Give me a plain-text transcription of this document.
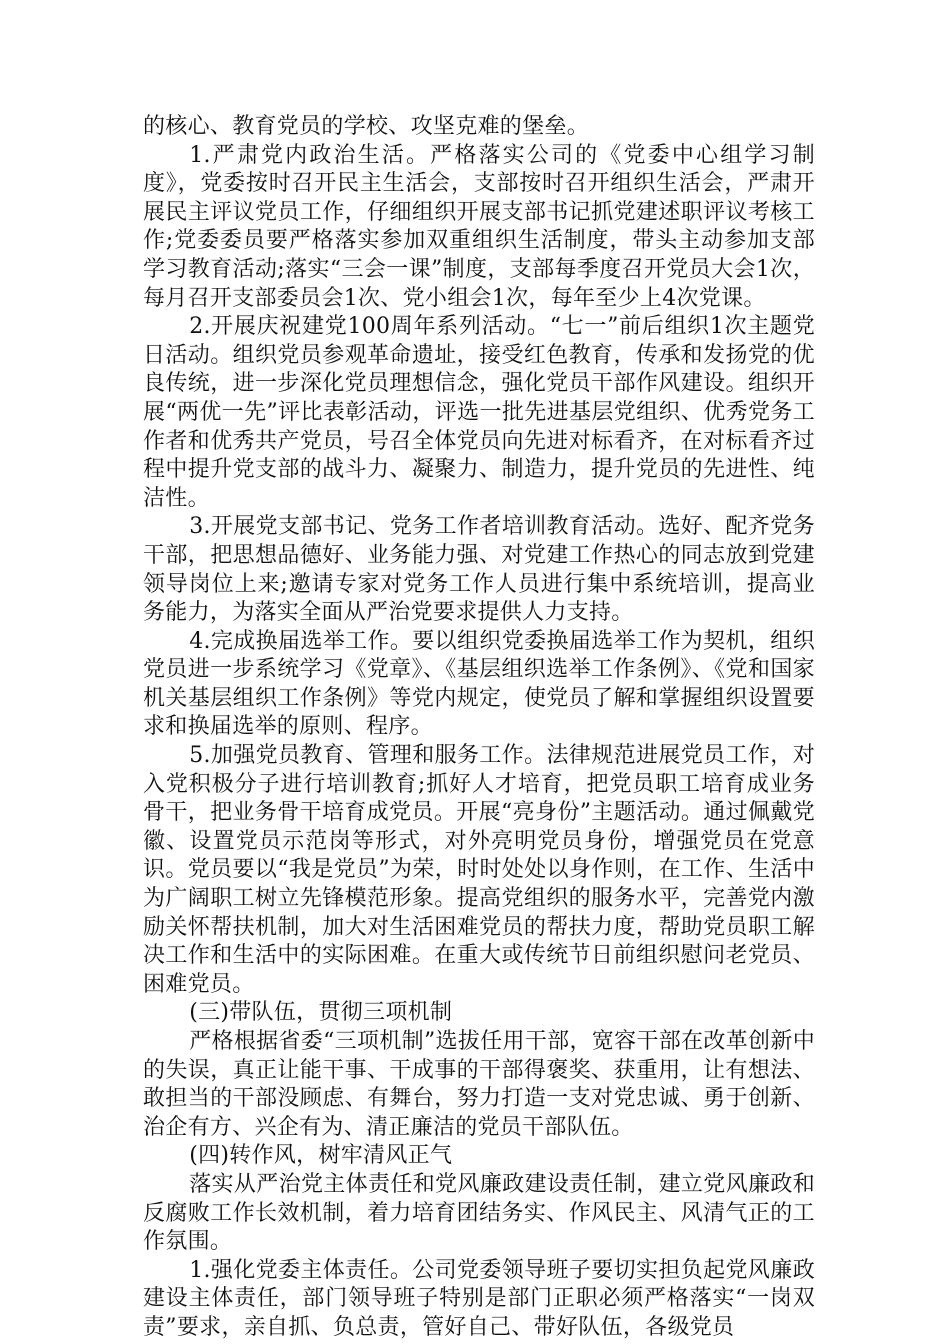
的核心、教育党员的学校、攻坚克难的堡垒。

1.严肃党内政治生活。严格落实公司的《党委中心组学习制度》，党委按时召开民主生活会，支部按时召开组织生活会，严肃开展民主评议党员工作，仔细组织开展支部书记抓党建述职评议考核工作;党委委员要严格落实参加双重组织生活制度，带头主动参加支部学习教育活动;落实“三会一课”制度，支部每季度召开党员大会1次，每月召开支部委员会1次、党小组会1次，每年至少上4次党课。

2.开展庆祝建党100周年系列活动。“七一”前后组织1次主题党日活动。组织党员参观革命遗址，接受红色教育，传承和发扬党的优良传统，进一步深化党员理想信念，强化党员干部作风建设。组织开展“两优一先”评比表彰活动，评选一批先进基层党组织、优秀党务工作者和优秀共产党员，号召全体党员向先进对标看齐，在对标看齐过程中提升党支部的战斗力、凝聚力、制造力，提升党员的先进性、纯洁性。

3.开展党支部书记、党务工作者培训教育活动。选好、配齐党务干部，把思想品德好、业务能力强、对党建工作热心的同志放到党建领导岗位上来;邀请专家对党务工作人员进行集中系统培训，提高业务能力，为落实全面从严治党要求提供人力支持。

4.完成换届选举工作。要以组织党委换届选举工作为契机，组织党员进一步系统学习《党章》、《基层组织选举工作条例》、《党和国家机关基层组织工作条例》等党内规定，使党员了解和掌握组织设置要求和换届选举的原则、程序。

5.加强党员教育、管理和服务工作。法律规范进展党员工作，对入党积极分子进行培训教育;抓好人才培育，把党员职工培育成业务骨干，把业务骨干培育成党员。开展“亮身份”主题活动。通过佩戴党徽、设置党员示范岗等形式，对外亮明党员身份，增强党员在党意识。党员要以“我是党员”为荣，时时处处以身作则，在工作、生活中为广阔职工树立先锋模范形象。提高党组织的服务水平，完善党内激励关怀帮扶机制，加大对生活困难党员的帮扶力度，帮助党员职工解决工作和生活中的实际困难。在重大或传统节日前组织慰问老党员、困难党员。

(三)带队伍，贯彻三项机制

严格根据省委“三项机制”选拔任用干部，宽容干部在改革创新中的失误，真正让能干事、干成事的干部得褒奖、获重用，让有想法、敢担当的干部没顾虑、有舞台，努力打造一支对党忠诚、勇于创新、治企有方、兴企有为、清正廉洁的党员干部队伍。

(四)转作风，树牢清风正气

落实从严治党主体责任和党风廉政建设责任制，建立党风廉政和反腐败工作长效机制，着力培育团结务实、作风民主、风清气正的工作氛围。

1.强化党委主体责任。公司党委领导班子要切实担负起党风廉政建设主体责任，部门领导班子特别是部门正职必须严格落实“一岗双责”要求，亲自抓、负总责，管好自己、带好队伍，各级党员
